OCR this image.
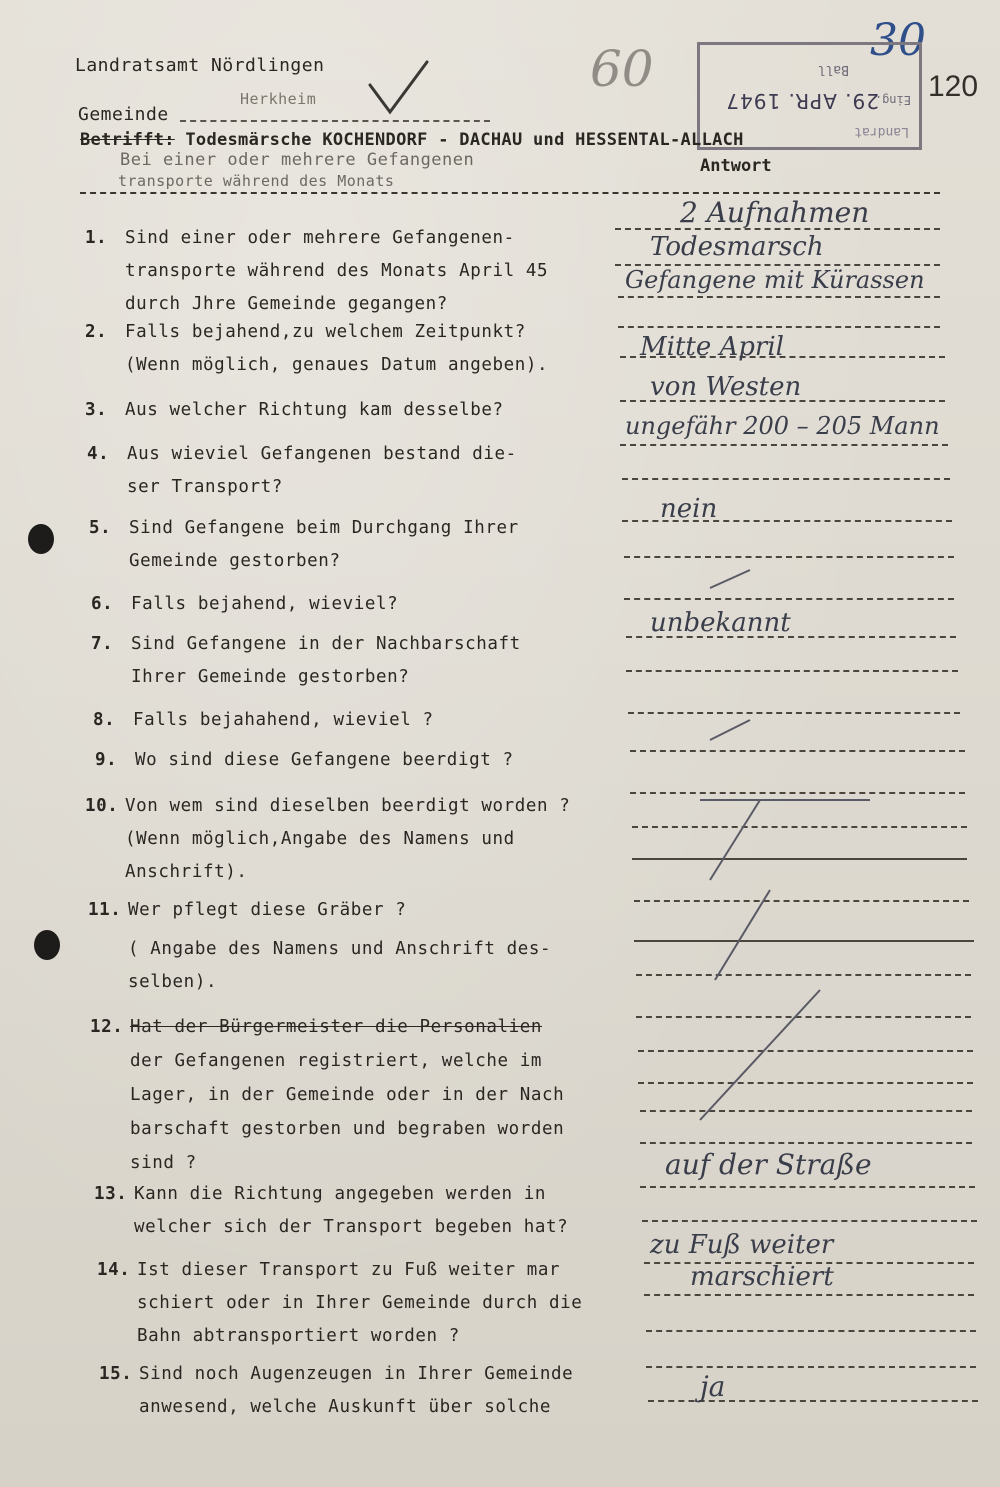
Landratsamt Nördlingen
Gemeinde
Herkheim
60	30
120
Ball
Eing.
29. APR. 1947
Landrat
Betrifft: Todesmärsche KOCHENDORF - DACHAU und HESSENTAL-ALLACH
Bei einer oder mehrere Gefangenen
transporte während des Monats
Antwort
1. Sind einer oder mehrere Gefangenen-
transporte während des Monats April 45
durch Jhre Gemeinde gegangen?
2. Falls bejahend,zu welchem Zeitpunkt?
(Wenn möglich, genaues Datum angeben).
3. Aus welcher Richtung kam desselbe?
4. Aus wieviel Gefangenen bestand die-
ser Transport?
5. Sind Gefangene beim Durchgang Ihrer
Gemeinde gestorben?
6. Falls bejahend, wieviel?
7. Sind Gefangene in der Nachbarschaft
Ihrer Gemeinde gestorben?
8. Falls bejahahend, wieviel ?
9. Wo sind diese Gefangene beerdigt ?
10. Von wem sind dieselben beerdigt worden ?
(Wenn möglich,Angabe des Namens und
Anschrift).
11. Wer pflegt diese Gräber ?
( Angabe des Namens und Anschrift des-
selben).
12. Hat der Bürgermeister die Personalien
der Gefangenen registriert, welche im
Lager, in der Gemeinde oder in der Nach
barschaft gestorben und begraben worden
sind ?
13. Kann die Richtung angegeben werden in
welcher sich der Transport begeben hat?
14. Ist dieser Transport zu Fuß weiter mar
schiert oder in Ihrer Gemeinde durch die
Bahn abtransportiert worden ?
15. Sind noch Augenzeugen in Ihrer Gemeinde
anwesend, welche Auskunft über solche
2 Aufnahmen
Todesmarsch
Gefangene mit Kürassen
Mitte April
von Westen
ungefähr 200 – 205 Mann
nein
unbekannt
auf der Straße
zu Fuß weiter
marschiert
ja
